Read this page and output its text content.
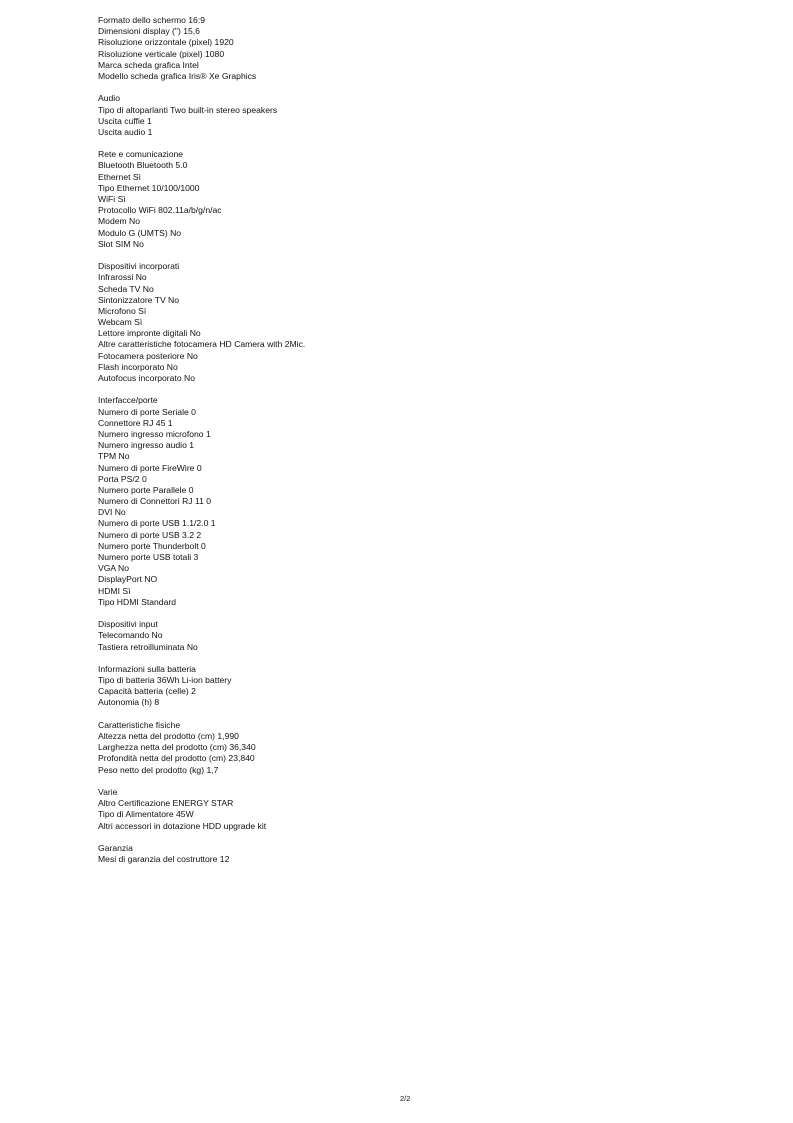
Formato dello schermo 16:9
Dimensioni display (") 15,6
Risoluzione orizzontale (pixel) 1920
Risoluzione verticale (pixel) 1080
Marca scheda grafica Intel
Modello scheda grafica Iris® Xe Graphics
Audio
Tipo di altoparlanti Two built-in stereo speakers
Uscita cuffie 1
Uscita audio 1
Rete e comunicazione
Bluetooth Bluetooth 5.0
Ethernet Sì
Tipo Ethernet 10/100/1000
WiFi Sì
Protocollo WiFi 802.11a/b/g/n/ac
Modem No
Modulo G (UMTS) No
Slot SIM No
Dispositivi incorporati
Infrarossi No
Scheda TV No
Sintonizzatore TV No
Microfono Sì
Webcam Sì
Lettore impronte digitali No
Altre caratteristiche fotocamera HD Camera with 2Mic.
Fotocamera posteriore No
Flash incorporato No
Autofocus incorporato No
Interfacce/porte
Numero di porte Seriale 0
Connettore RJ 45 1
Numero ingresso microfono 1
Numero ingresso audio 1
TPM No
Numero di porte FireWire 0
Porta PS/2 0
Numero porte Parallele 0
Numero di Connettori RJ 11 0
DVI No
Numero di porte USB 1.1/2.0 1
Numero di porte USB 3.2 2
Numero porte Thunderbolt 0
Numero porte USB totali 3
VGA No
DisplayPort NO
HDMI Sì
Tipo HDMI Standard
Dispositivi input
Telecomando No
Tastiera retroilluminata No
Informazioni sulla batteria
Tipo di batteria 36Wh Li-ion battery
Capacità batteria (celle) 2
Autonomia (h) 8
Caratteristiche fisiche
Altezza netta del prodotto (cm) 1,990
Larghezza netta del prodotto (cm) 36,340
Profondità netta del prodotto (cm) 23,840
Peso netto del prodotto (kg) 1,7
Varie
Altro Certificazione ENERGY STAR
Tipo di Alimentatore 45W
Altri accessori in dotazione HDD upgrade kit
Garanzia
Mesi di garanzia del costruttore 12
2/2
